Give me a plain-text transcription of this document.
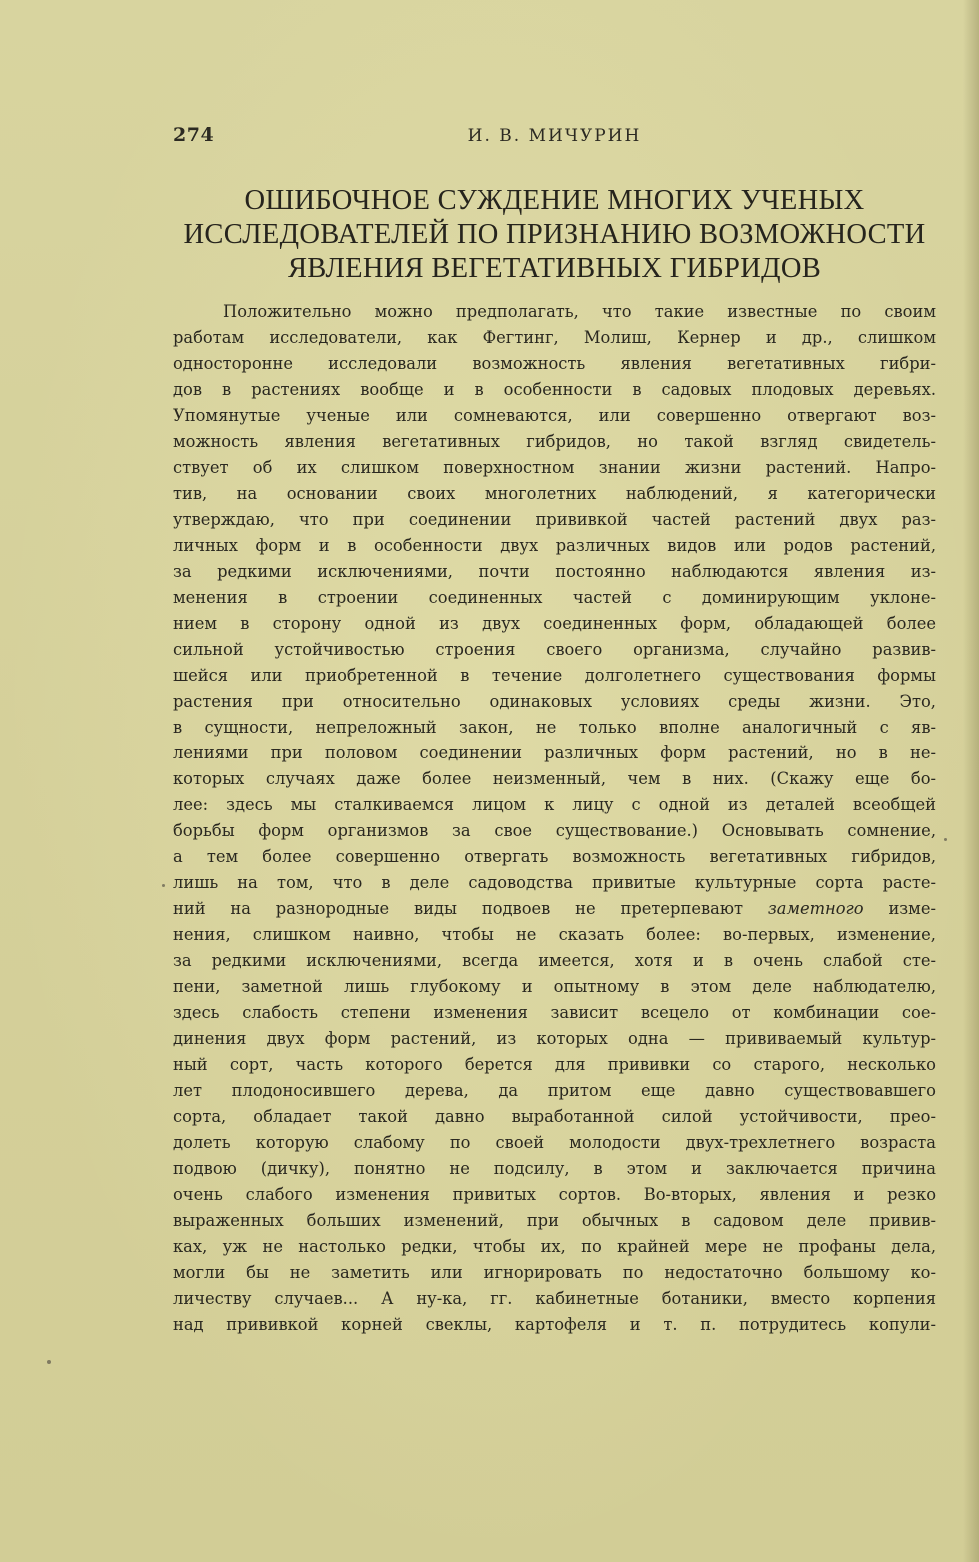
274	И. В. МИЧУРИН
ОШИБОЧНОЕ СУЖДЕНИЕ МНОГИХ УЧЕНЫХ
ИССЛЕДОВАТЕЛЕЙ ПО ПРИЗНАНИЮ ВОЗМОЖНОСТИ
ЯВЛЕНИЯ ВЕГЕТАТИВНЫХ ГИБРИДОВ
Положительно можно предполагать, что такие известные по своим
работам исследователи, как Фегтинг, Молиш, Кернер и др., слишком
односторонне исследовали возможность явления вегетативных гибри-
дов в растениях вообще и в особенности в садовых плодовых деревьях.
Упомянутые ученые или сомневаются, или совершенно отвергают воз-
можность явления вегетативных гибридов, но такой взгляд свидетель-
ствует об их слишком поверхностном знании жизни растений. Напро-
тив, на основании своих многолетних наблюдений, я категорически
утверждаю, что при соединении прививкой частей растений двух раз-
личных форм и в особенности двух различных видов или родов растений,
за редкими исключениями, почти постоянно наблюдаются явления из-
менения в строении соединенных частей с доминирующим уклоне-
нием в сторону одной из двух соединенных форм, обладающей более
сильной устойчивостью строения своего организма, случайно развив-
шейся или приобретенной в течение долголетнего существования формы
растения при относительно одинаковых условиях среды жизни. Это,
в сущности, непреложный закон, не только вполне аналогичный с яв-
лениями при половом соединении различных форм растений, но в не-
которых случаях даже более неизменный, чем в них. (Скажу еще бо-
лее: здесь мы сталкиваемся лицом к лицу с одной из деталей всеобщей
борьбы форм организмов за свое существование.) Основывать сомнение,
а тем более совершенно отвергать возможность вегетативных гибридов,
лишь на том, что в деле садоводства привитые культурные сорта расте-
ний на разнородные виды подвоев не претерпевают заметного изме-
нения, слишком наивно, чтобы не сказать более: во-первых, изменение,
за редкими исключениями, всегда имеется, хотя и в очень слабой сте-
пени, заметной лишь глубокому и опытному в этом деле наблюдателю,
здесь слабость степени изменения зависит всецело от комбинации сое-
динения двух форм растений, из которых одна — прививаемый культур-
ный сорт, часть которого берется для прививки со старого, несколько
лет плодоносившего дерева, да притом еще давно существовавшего
сорта, обладает такой давно выработанной силой устойчивости, прео-
долеть которую слабому по своей молодости двух-трехлетнего возраста
подвою (дичку), понятно не подсилу, в этом и заключается причина
очень слабого изменения привитых сортов. Во-вторых, явления и резко
выраженных больших изменений, при обычных в садовом деле привив-
ках, уж не настолько редки, чтобы их, по крайней мере не профаны дела,
могли бы не заметить или игнорировать по недостаточно большому ко-
личеству случаев... А ну-ка, гг. кабинетные ботаники, вместо корпения
над прививкой корней свеклы, картофеля и т. п. потрудитесь копули-
